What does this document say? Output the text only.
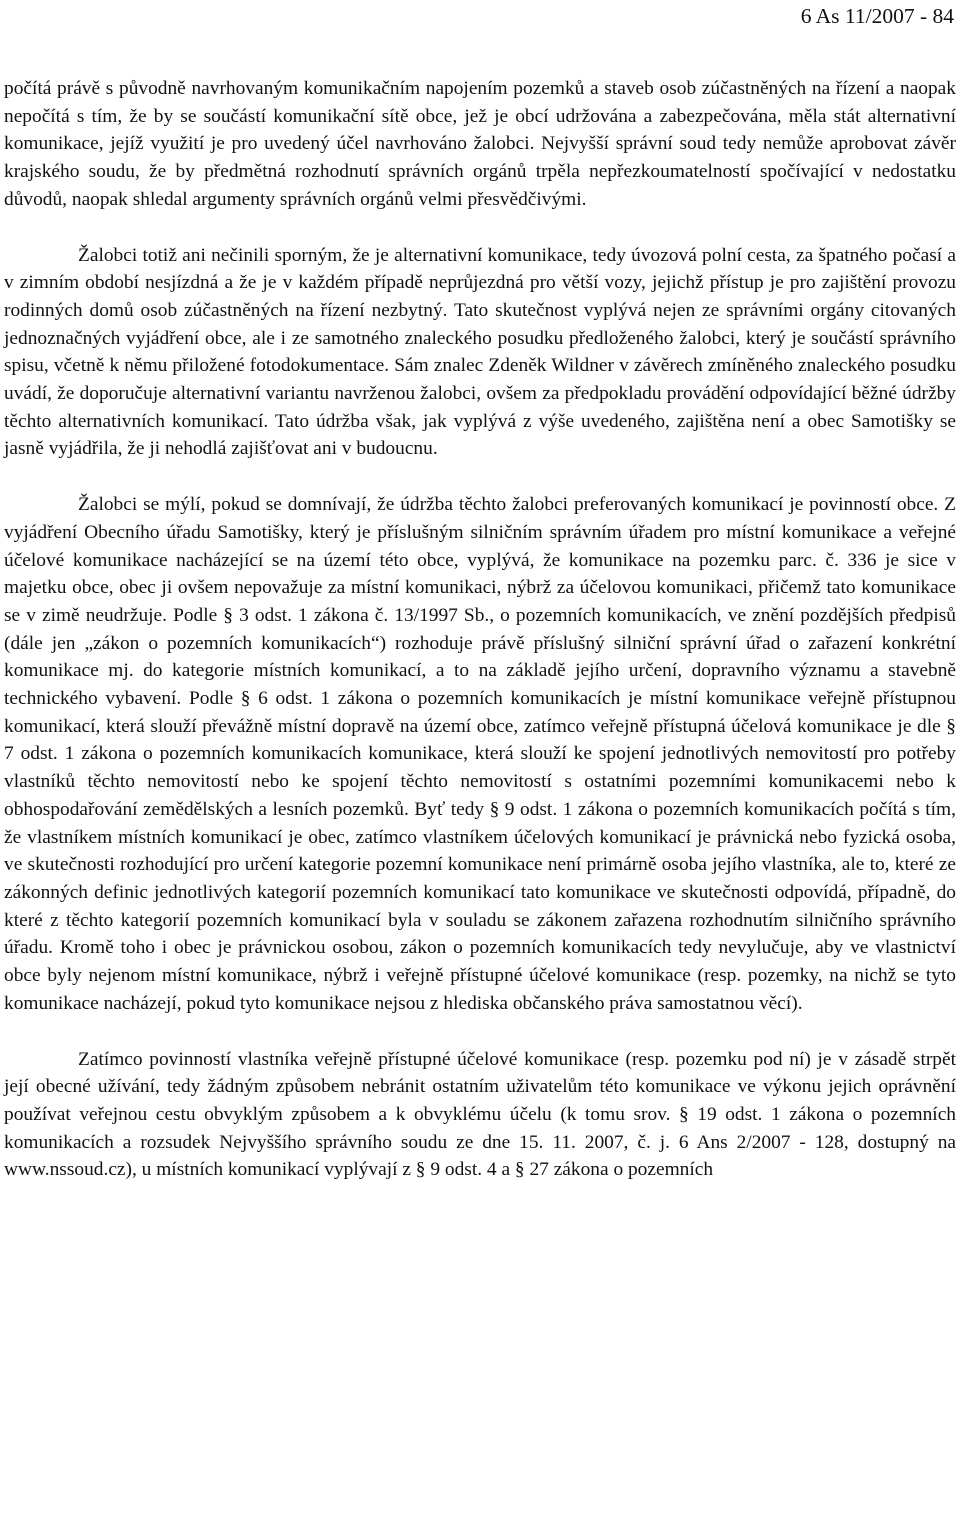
6 As 11/2007 - 84

počítá právě s původně navrhovaným komunikačním napojením pozemků a staveb osob zúčastněných na řízení a naopak nepočítá s tím, že by se součástí komunikační sítě obce, jež je obcí udržována a zabezpečována, měla stát alternativní komunikace, jejíž využití je pro uvedený účel navrhováno žalobci. Nejvyšší správní soud tedy nemůže aprobovat závěr krajského soudu, že by předmětná rozhodnutí správních orgánů trpěla nepřezkoumatelností spočívající v nedostatku důvodů, naopak shledal argumenty správních orgánů velmi přesvědčivými.

Žalobci totiž ani nečinili sporným, že je alternativní komunikace, tedy úvozová polní cesta, za špatného počasí a v zimním období nesjízdná a že je v každém případě neprůjezdná pro větší vozy, jejichž přístup je pro zajištění provozu rodinných domů osob zúčastněných na řízení nezbytný. Tato skutečnost vyplývá nejen ze správními orgány citovaných jednoznačných vyjádření obce, ale i ze samotného znaleckého posudku předloženého žalobci, který je součástí správního spisu, včetně k němu přiložené fotodokumentace. Sám znalec Zdeněk Wildner v závěrech zmíněného znaleckého posudku uvádí, že doporučuje alternativní variantu navrženou žalobci, ovšem za předpokladu provádění odpovídající běžné údržby těchto alternativních komunikací. Tato údržba však, jak vyplývá z výše uvedeného, zajištěna není a obec Samotišky se jasně vyjádřila, že ji nehodlá zajišťovat ani v budoucnu.

Žalobci se mýlí, pokud se domnívají, že údržba těchto žalobci preferovaných komunikací je povinností obce. Z vyjádření Obecního úřadu Samotišky, který je příslušným silničním správním úřadem pro místní komunikace a veřejné účelové komunikace nacházející se na území této obce, vyplývá, že komunikace na pozemku parc. č. 336 je sice v majetku obce, obec ji ovšem nepovažuje za místní komunikaci, nýbrž za účelovou komunikaci, přičemž tato komunikace se v zimě neudržuje. Podle § 3 odst. 1 zákona č. 13/1997 Sb., o pozemních komunikacích, ve znění pozdějších předpisů (dále jen „zákon o pozemních komunikacích“) rozhoduje právě příslušný silniční správní úřad o zařazení konkrétní komunikace mj. do kategorie místních komunikací, a to na základě jejího určení, dopravního významu a stavebně technického vybavení. Podle § 6 odst. 1 zákona o pozemních komunikacích je místní komunikace veřejně přístupnou komunikací, která slouží převážně místní dopravě na území obce, zatímco veřejně přístupná účelová komunikace je dle § 7 odst. 1 zákona o pozemních komunikacích komunikace, která slouží ke spojení jednotlivých nemovitostí pro potřeby vlastníků těchto nemovitostí nebo ke spojení těchto nemovitostí s ostatními pozemními komunikacemi nebo k obhospodařování zemědělských a lesních pozemků. Byť tedy § 9 odst. 1 zákona o pozemních komunikacích počítá s tím, že vlastníkem místních komunikací je obec, zatímco vlastníkem účelových komunikací je právnická nebo fyzická osoba, ve skutečnosti rozhodující pro určení kategorie pozemní komunikace není primárně osoba jejího vlastníka, ale to, které ze zákonných definic jednotlivých kategorií pozemních komunikací tato komunikace ve skutečnosti odpovídá, případně, do které z těchto kategorií pozemních komunikací byla v souladu se zákonem zařazena rozhodnutím silničního správního úřadu. Kromě toho i obec je právnickou osobou, zákon o pozemních komunikacích tedy nevylučuje, aby ve vlastnictví obce byly nejenom místní komunikace, nýbrž i veřejně přístupné účelové komunikace (resp. pozemky, na nichž se tyto komunikace nacházejí, pokud tyto komunikace nejsou z hlediska občanského práva samostatnou věcí).

Zatímco povinností vlastníka veřejně přístupné účelové komunikace (resp. pozemku pod ní) je v zásadě strpět její obecné užívání, tedy žádným způsobem nebránit ostatním uživatelům této komunikace ve výkonu jejich oprávnění používat veřejnou cestu obvyklým způsobem a k obvyklému účelu (k tomu srov. § 19 odst. 1 zákona o pozemních komunikacích a rozsudek Nejvyššího správního soudu ze dne 15. 11. 2007, č. j. 6 Ans 2/2007 - 128, dostupný na www.nssoud.cz), u místních komunikací vyplývají z § 9 odst. 4 a § 27 zákona o pozemních
